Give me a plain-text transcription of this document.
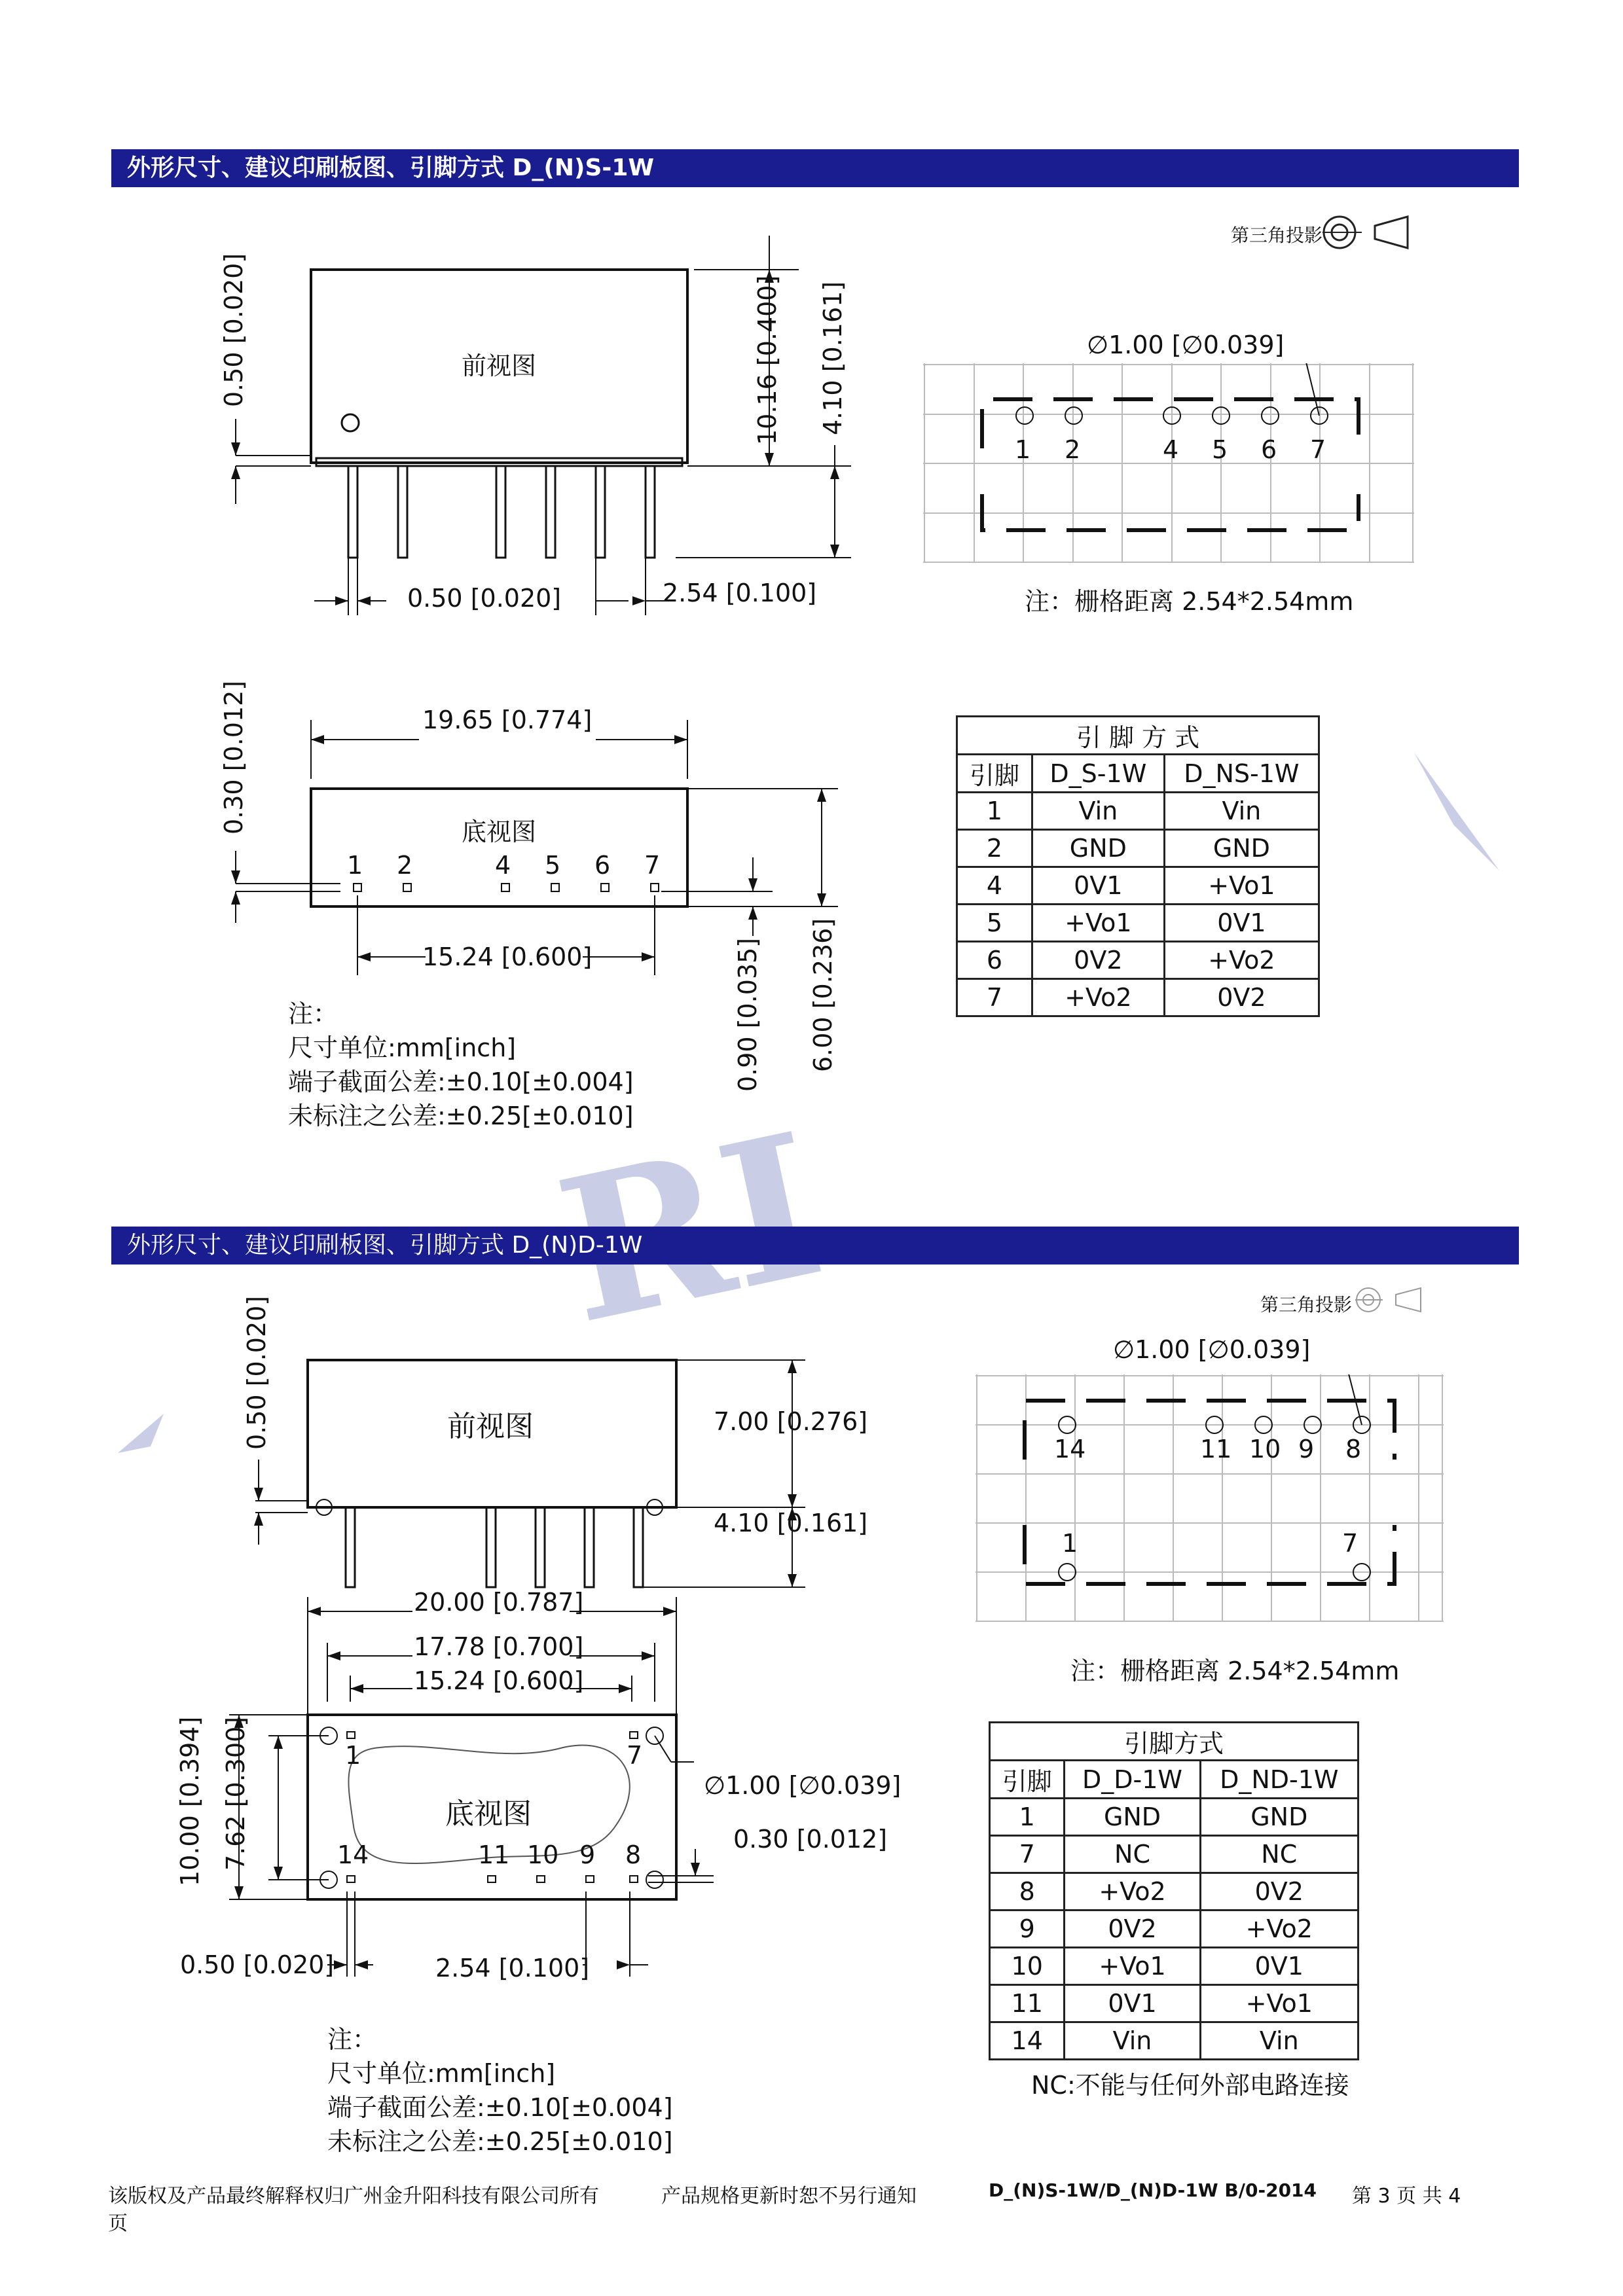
外形尺寸、建议印刷板图、引脚方式 D_(N)S-1W
第三角投影
前视图
0.50 [0.020]	10.16 [0.400] 4.10 [0.161]
0.50 [0.020]	2.54 [0.100]
∅1.00 [∅0.039]
1 2	4 5 6 7
注：栅格距离 2.54*2.54mm
19.65 [0.774]
0.30 [0.012]	底视图
1 2	4 5 6 7
15.24 [0.600]	0.90 [0.035] 6.00 [0.236]
注：
尺寸单位:mm[inch]
端子截面公差:±0.10[±0.004]
未标注之公差:±0.25[±0.010]
引 脚 方 式		
引脚	D_S-1W	D_NS-1W
1	Vin	Vin
2	GND	GND
4	0V1	+Vo1
5	+Vo1	0V1
6	0V2	+Vo2
7	+Vo2	0V2
外形尺寸、建议印刷板图、引脚方式 D_(N)D-1W
第三角投影
0.50 [0.020]	前视图	7.00 [0.276]
4.10 [0.161]
20.00 [0.787]
17.78 [0.700]
15.24 [0.600]
10.00 [0.394] 7.62 [0.300]	1	7
底视图
14	11 10 9 8
∅1.00 [∅0.039]
0.30 [0.012]
0.50 [0.020]	2.54 [0.100]
∅1.00 [∅0.039]
14	11 10 9 8
1	7
注：栅格距离 2.54*2.54mm
引脚方式		
引脚	D_D-1W	D_ND-1W
1	GND	GND
7	NC	NC
8	+Vo2	0V2
9	0V2	+Vo2
10	+Vo1	0V1
11	0V1	+Vo1
14	Vin	Vin
NC:不能与任何外部电路连接
注：
尺寸单位:mm[inch]
端子截面公差:±0.10[±0.004]
未标注之公差:±0.25[±0.010]
该版权及产品最终解释权归广州金升阳科技有限公司所有
页
产品规格更新时恕不另行通知	D_(N)S-1W/D_(N)D-1W B/0-2014 第 3 页 共 4
